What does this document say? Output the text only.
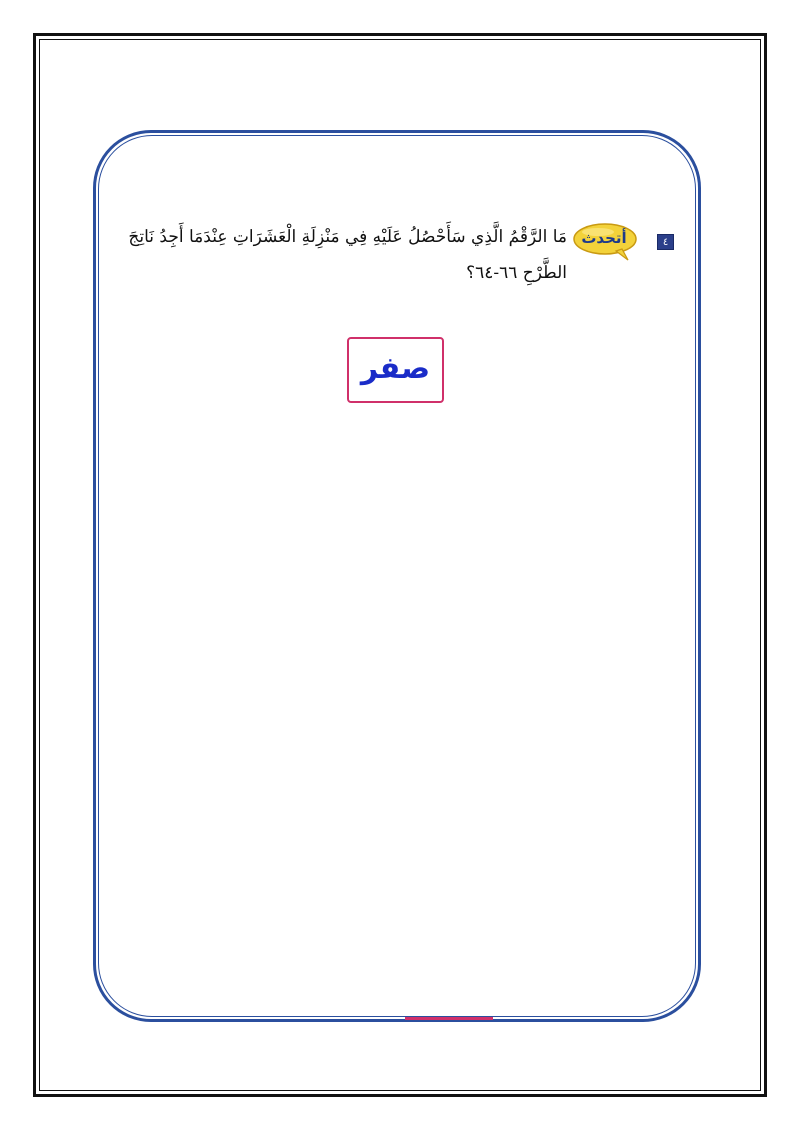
٤
أتحدث
مَا الرَّقْمُ الَّذِي سَأَحْصُلُ عَلَيْهِ فِي مَنْزِلَةِ الْعَشَرَاتِ عِنْدَمَا أَجِدُ نَاتِجَ الطَّرْحِ ٦٦-٦٤؟
صفر
